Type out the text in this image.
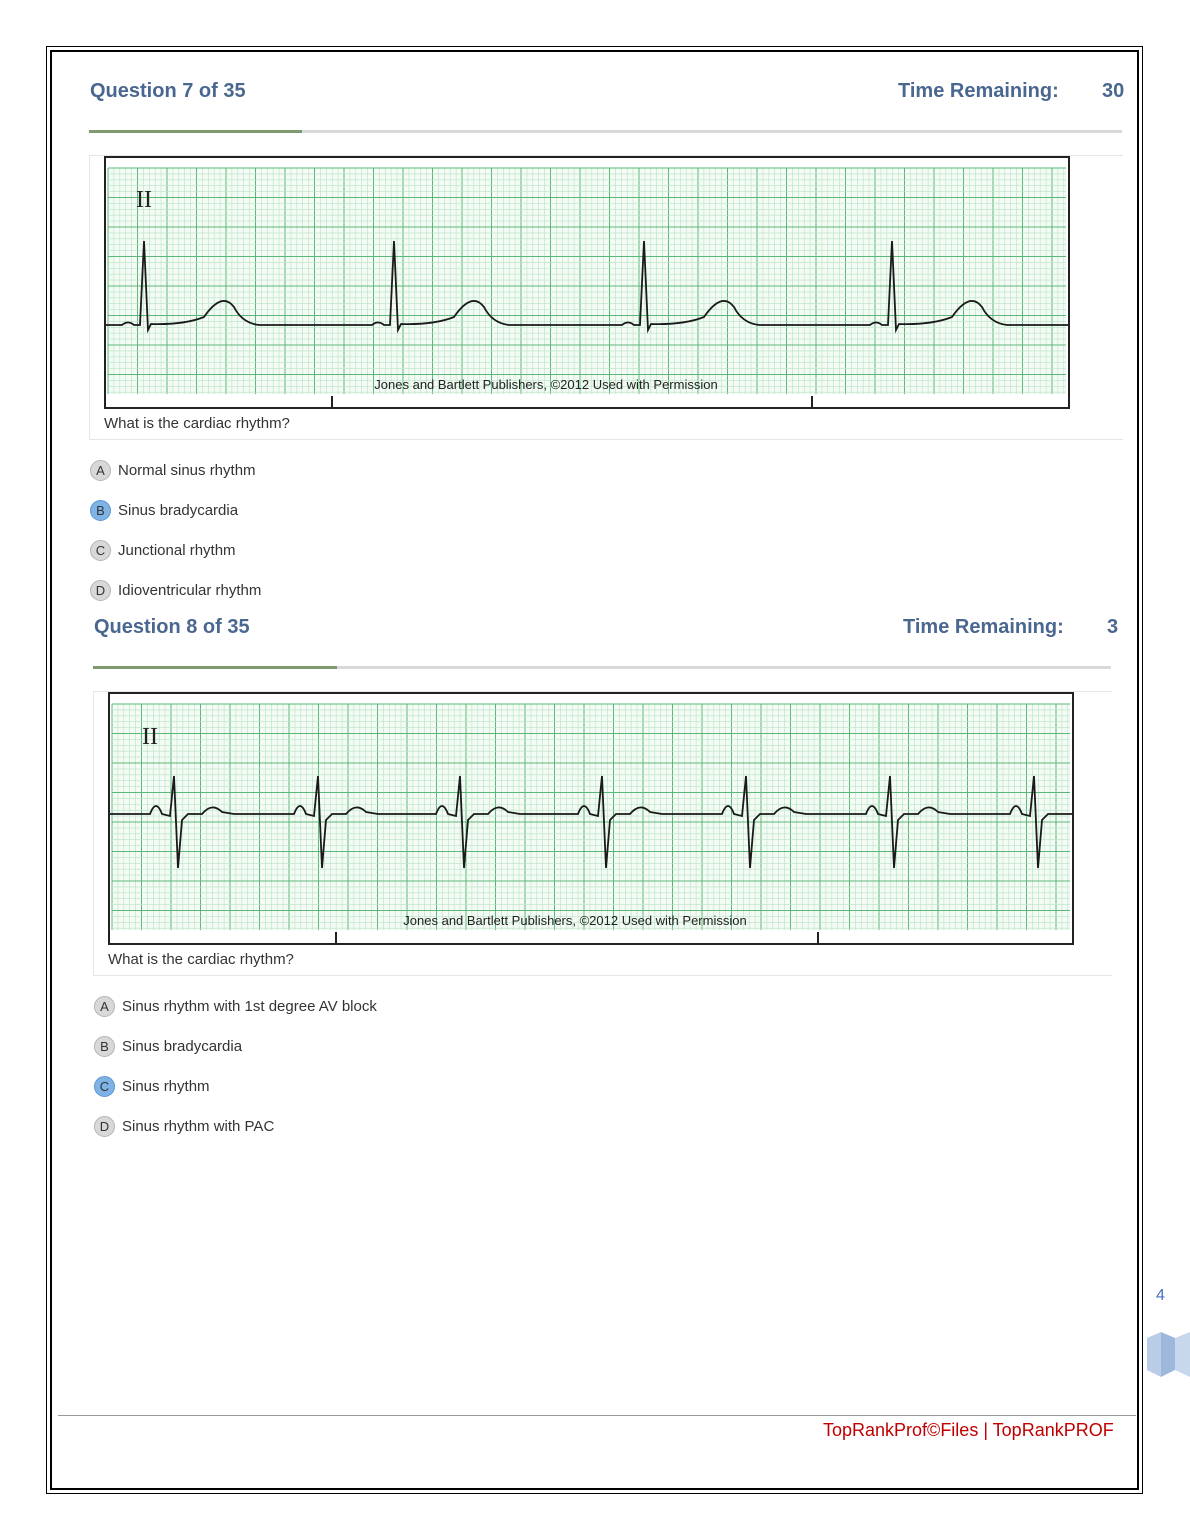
Question 7 of 35	Time Remaining: 30
II
Jones and Bartlett Publishers, ©2012 Used with Permission
What is the cardiac rhythm?
A Normal sinus rhythm
B Sinus bradycardia
C Junctional rhythm
D Idioventricular rhythm
Question 8 of 35	Time Remaining: 3
II
Jones and Bartlett Publishers, ©2012 Used with Permission
What is the cardiac rhythm?
A Sinus rhythm with 1st degree AV block
B Sinus bradycardia
C Sinus rhythm
D Sinus rhythm with PAC
4
TopRankProf©Files | TopRankPROF
